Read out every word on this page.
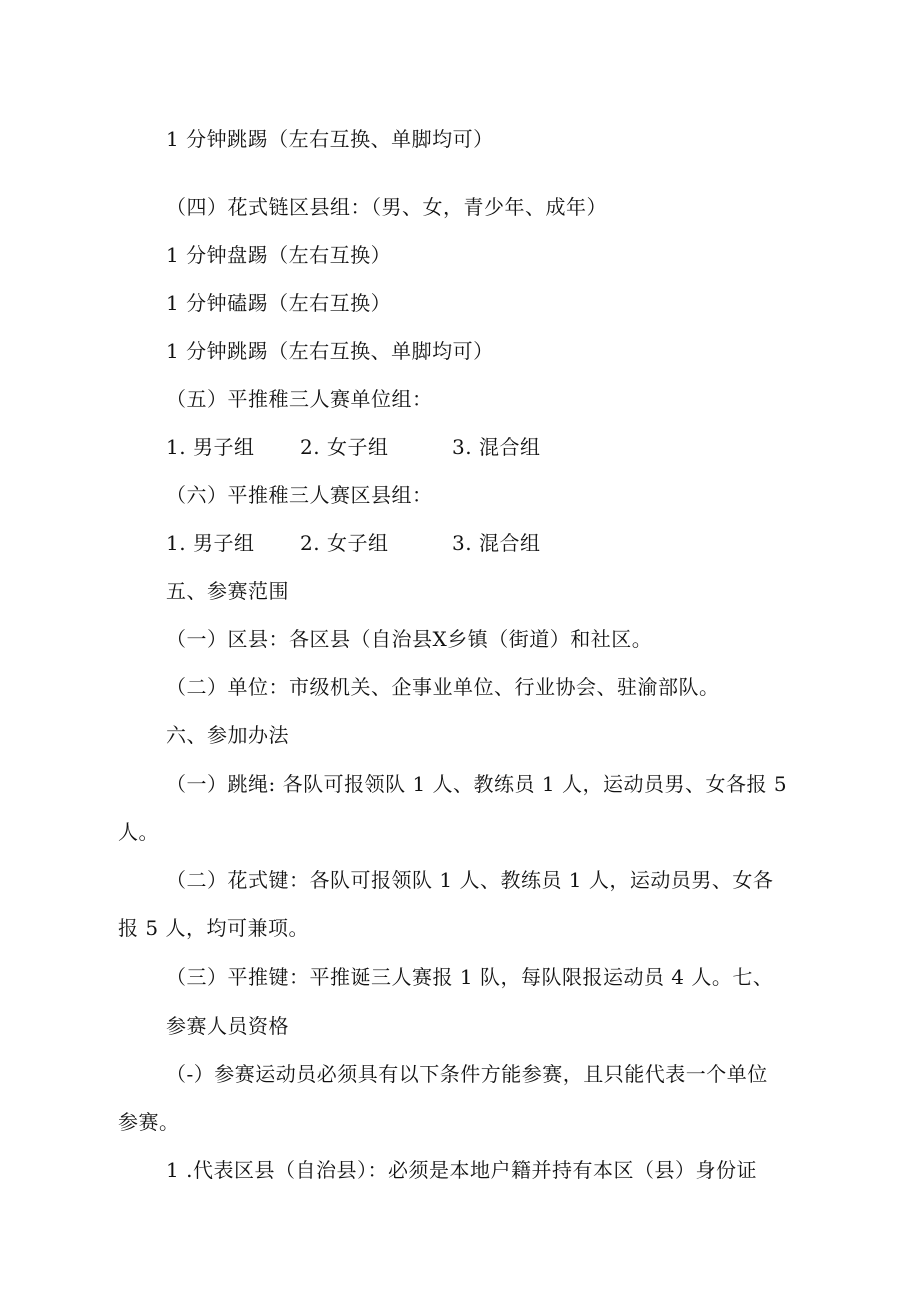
1 分钟跳踢（左右互换、单脚均可）
（四）花式链区县组：（男、女，青少年、成年）
1 分钟盘踢（左右互换）
1 分钟磕踢（左右互换）
1 分钟跳踢（左右互换、单脚均可）
（五）平推稚三人赛单位组：
1. 男子组 2. 女子组	3. 混合组
（六）平推稚三人赛区县组：
1. 男子组 2. 女子组	3. 混合组
五、参赛范围
（一）区县：各区县（自治县X乡镇（街道）和社区。
（二）单位：市级机关、企事业单位、行业协会、驻渝部队。
六、参加办法
（一）跳绳: 各队可报领队 1 人、教练员 1 人，运动员男、女各报 5
人。
（二）花式键：各队可报领队 1 人、教练员 1 人，运动员男、女各
报 5 人，均可兼项。
（三）平推键：平推诞三人赛报 1 队，每队限报运动员 4 人。七、
参赛人员资格
（-）参赛运动员必须具有以下条件方能参赛，且只能代表一个单位
参赛。
1 .代表区县（自治县）：必须是本地户籍并持有本区（县）身份证
